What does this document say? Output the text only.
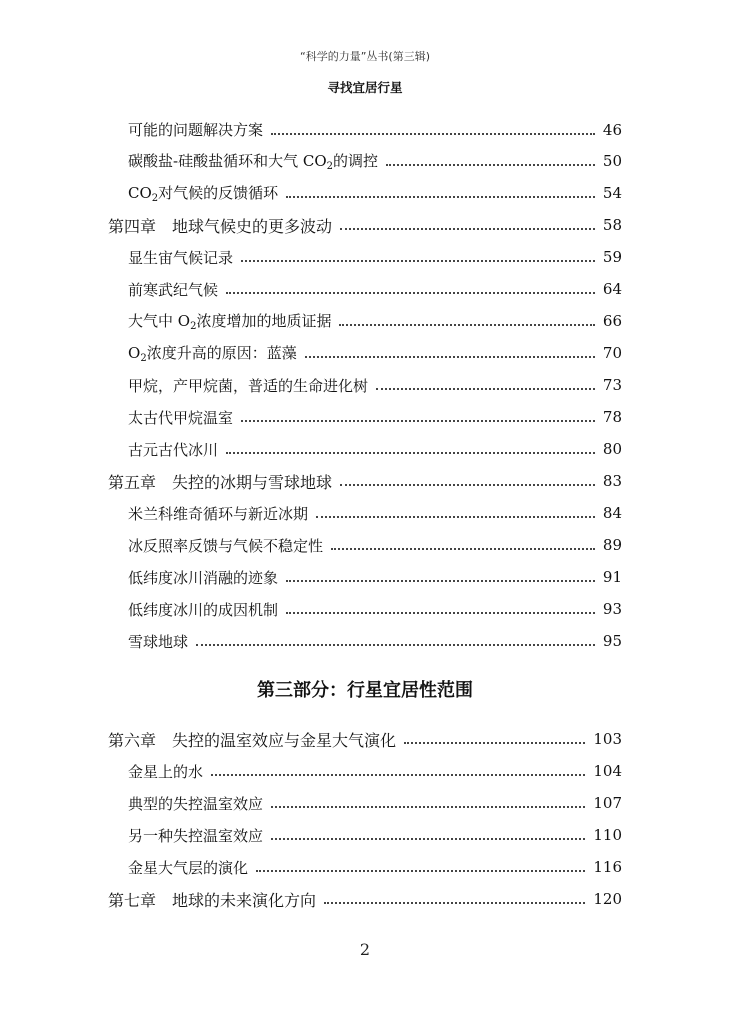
“科学的力量”丛书(第三辑)
寻找宜居行星
可能的问题解决方案	46
碳酸盐-硅酸盐循环和大气 $CO_2$的调控	50
$CO_2$对气候的反馈循环	54
第四章　地球气候史的更多波动	58
显生宙气候记录	59
前寒武纪气候	64
大气中 $O_2$浓度增加的地质证据	66
$O_2$浓度升高的原因：蓝藻	70
甲烷，产甲烷菌，普适的生命进化树	73
太古代甲烷温室	78
古元古代冰川	80
第五章　失控的冰期与雪球地球	83
米兰科维奇循环与新近冰期	84
冰反照率反馈与气候不稳定性	89
低纬度冰川消融的迹象	91
低纬度冰川的成因机制	93
雪球地球	95
第三部分：行星宜居性范围
第六章　失控的温室效应与金星大气演化	103
金星上的水	104
典型的失控温室效应	107
另一种失控温室效应	110
金星大气层的演化	116
第七章　地球的未来演化方向	120
2
